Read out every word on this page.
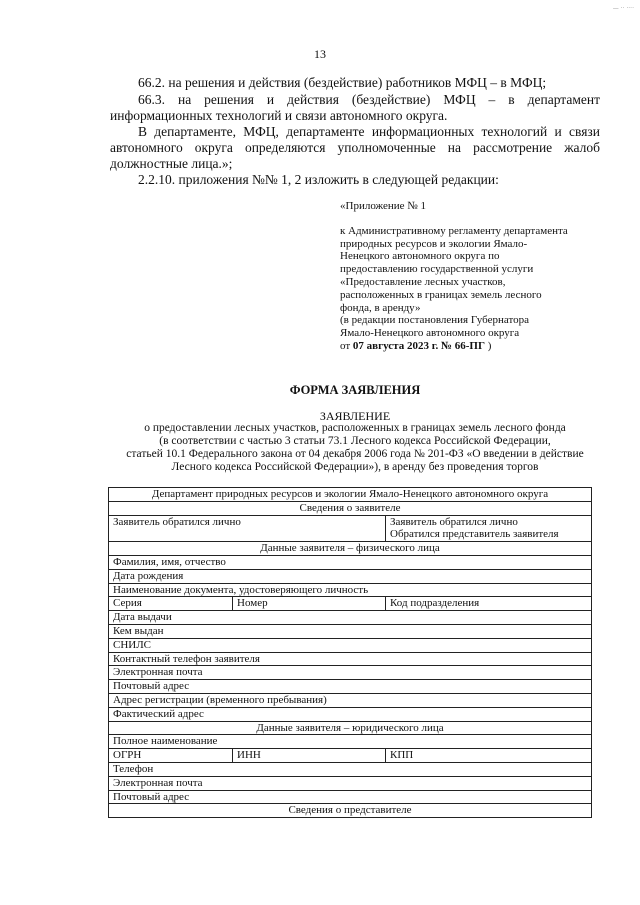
— ·· ····
13
66.2. на решения и действия (бездействие) работников МФЦ – в МФЦ;
66.3. на решения и действия (бездействие) МФЦ – в департамент информационных технологий и связи автономного округа.
В департаменте, МФЦ, департаменте информационных технологий и связи автономного округа определяются уполномоченные на рассмотрение жалоб должностные лица.»;
2.2.10. приложения №№ 1, 2 изложить в следующей редакции:
«Приложение № 1
к Административному регламенту департамента
природных ресурсов и экологии Ямало-
Ненецкого автономного округа по
предоставлению государственной услуги
«Предоставление лесных участков,
расположенных в границах земель лесного
фонда, в аренду»
(в редакции постановления Губернатора
Ямало-Ненецкого автономного округа
от 07 августа 2023 г. № 66-ПГ )
ФОРМА ЗАЯВЛЕНИЯ
ЗАЯВЛЕНИЕ
о предоставлении лесных участков, расположенных в границах земель лесного фонда
(в соответствии с частью 3 статьи 73.1 Лесного кодекса Российской Федерации,
статьей 10.1 Федерального закона от 04 декабря 2006 года № 201-ФЗ «О введении в действие
Лесного кодекса Российской Федерации»), в аренду без проведения торгов
Департамент природных ресурсов и экологии Ямало-Ненецкого автономного округа		
Сведения о заявителе		
Заявитель обратился лично		Заявитель обратился лично
Обратился представитель заявителя

Данные заявителя – физического лица		
Фамилия, имя, отчество		
Дата рождения		
Наименование документа, удостоверяющего личность		
Серия	Номер	Код подразделения
Дата выдачи		
Кем выдан		
СНИЛС		
Контактный телефон заявителя		
Электронная почта		
Почтовый адрес		
Адрес регистрации (временного пребывания)		
Фактический адрес		
Данные заявителя – юридического лица		
Полное наименование		
ОГРН	ИНН	КПП
Телефон		
Электронная почта		
Почтовый адрес		
Сведения о представителе		
